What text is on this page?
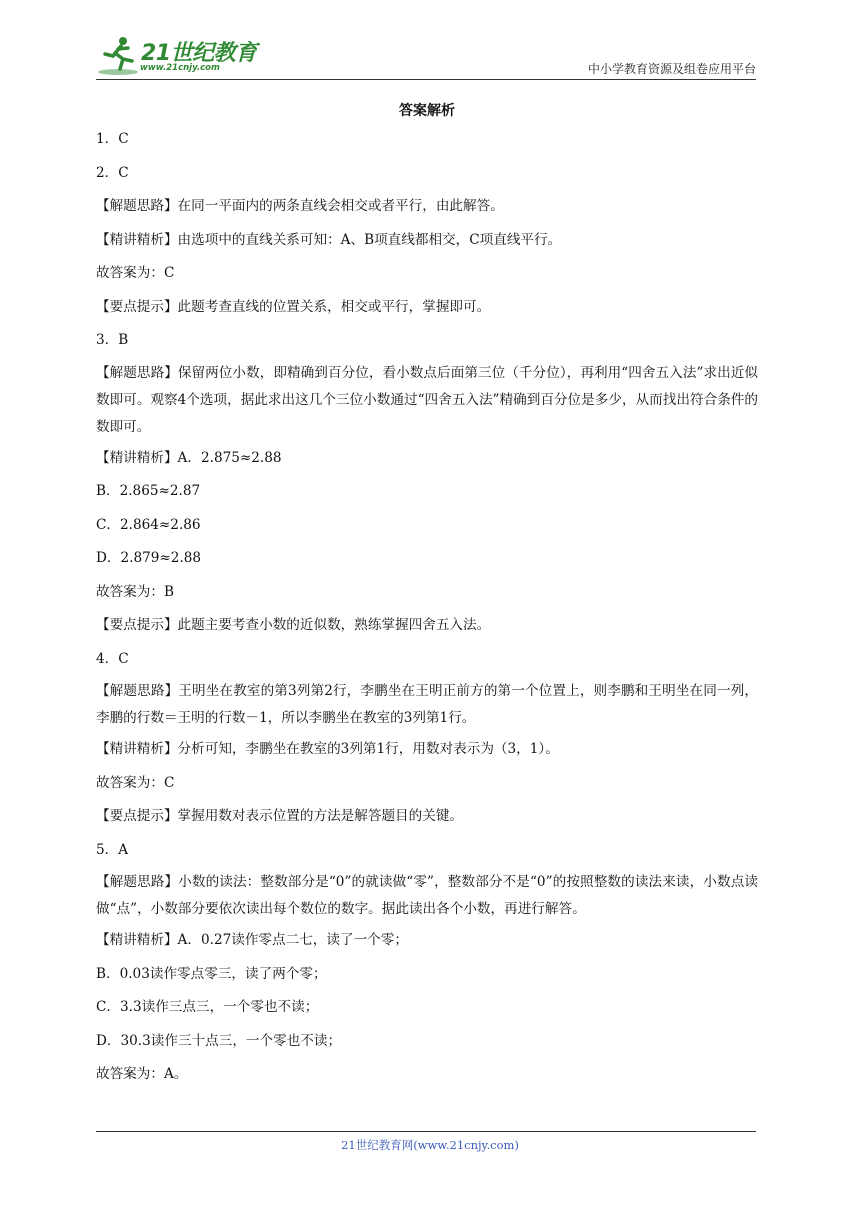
21世纪教育
www.21cnjy.com	中小学教育资源及组卷应用平台
答案解析
1．C
2．C
【解题思路】在同一平面内的两条直线会相交或者平行，由此解答。
【精讲精析】由选项中的直线关系可知：A、B项直线都相交，C项直线平行。
故答案为：C
【要点提示】此题考查直线的位置关系，相交或平行，掌握即可。
3．B
【解题思路】保留两位小数，即精确到百分位，看小数点后面第三位（千分位），再利用“四舍五入法”求出近似数即可。观察4个选项，据此求出这几个三位小数通过“四舍五入法”精确到百分位是多少，从而找出符合条件的数即可。
【精讲精析】A．2.875≈2.88
B．2.865≈2.87
C．2.864≈2.86
D．2.879≈2.88
故答案为：B
【要点提示】此题主要考查小数的近似数，熟练掌握四舍五入法。
4．C
【解题思路】王明坐在教室的第3列第2行，李鹏坐在王明正前方的第一个位置上，则李鹏和王明坐在同一列，李鹏的行数＝王明的行数－1，所以李鹏坐在教室的3列第1行。
【精讲精析】分析可知，李鹏坐在教室的3列第1行，用数对表示为（3，1）。
故答案为：C
【要点提示】掌握用数对表示位置的方法是解答题目的关键。
5．A
【解题思路】小数的读法：整数部分是“0”的就读做“零”，整数部分不是“0”的按照整数的读法来读，小数点读做“点”，小数部分要依次读出每个数位的数字。据此读出各个小数，再进行解答。
【精讲精析】A．0.27读作零点二七，读了一个零；
B．0.03读作零点零三，读了两个零；
C．3.3读作三点三，一个零也不读；
D．30.3读作三十点三，一个零也不读；
故答案为：A。
21世纪教育网(www.21cnjy.com)
